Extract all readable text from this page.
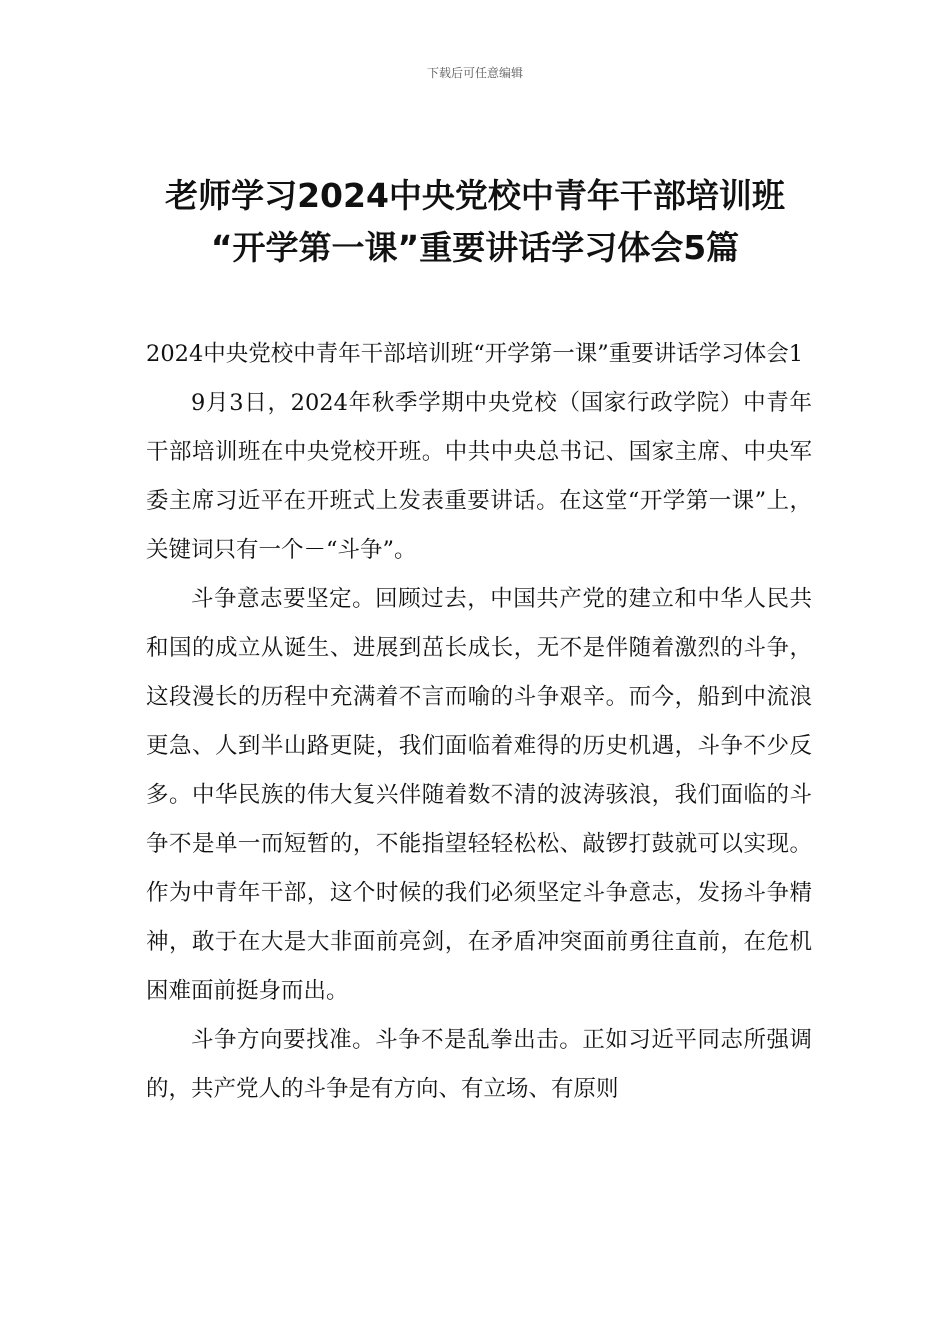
下载后可任意编辑
老师学习2024中央党校中青年干部培训班
“开学第一课”重要讲话学习体会5篇

2024中央党校中青年干部培训班“开学第一课”重要讲话学习体会1

9月3日，2024年秋季学期中央党校（国家行政学院）中青年干部培训班在中央党校开班。中共中央总书记、国家主席、中央军委主席习近平在开班式上发表重要讲话。在这堂“开学第一课”上，关键词只有一个－“斗争”。

斗争意志要坚定。回顾过去，中国共产党的建立和中华人民共和国的成立从诞生、进展到茁长成长，无不是伴随着激烈的斗争，这段漫长的历程中充满着不言而喻的斗争艰辛。而今，船到中流浪更急、人到半山路更陡，我们面临着难得的历史机遇，斗争不少反多。中华民族的伟大复兴伴随着数不清的波涛骇浪，我们面临的斗争不是单一而短暂的，不能指望轻轻松松、敲锣打鼓就可以实现。作为中青年干部，这个时候的我们必须坚定斗争意志，发扬斗争精神，敢于在大是大非面前亮剑，在矛盾冲突面前勇往直前，在危机困难面前挺身而出。

斗争方向要找准。斗争不是乱拳出击。正如习近平同志所强调的，共产党人的斗争是有方向、有立场、有原则
